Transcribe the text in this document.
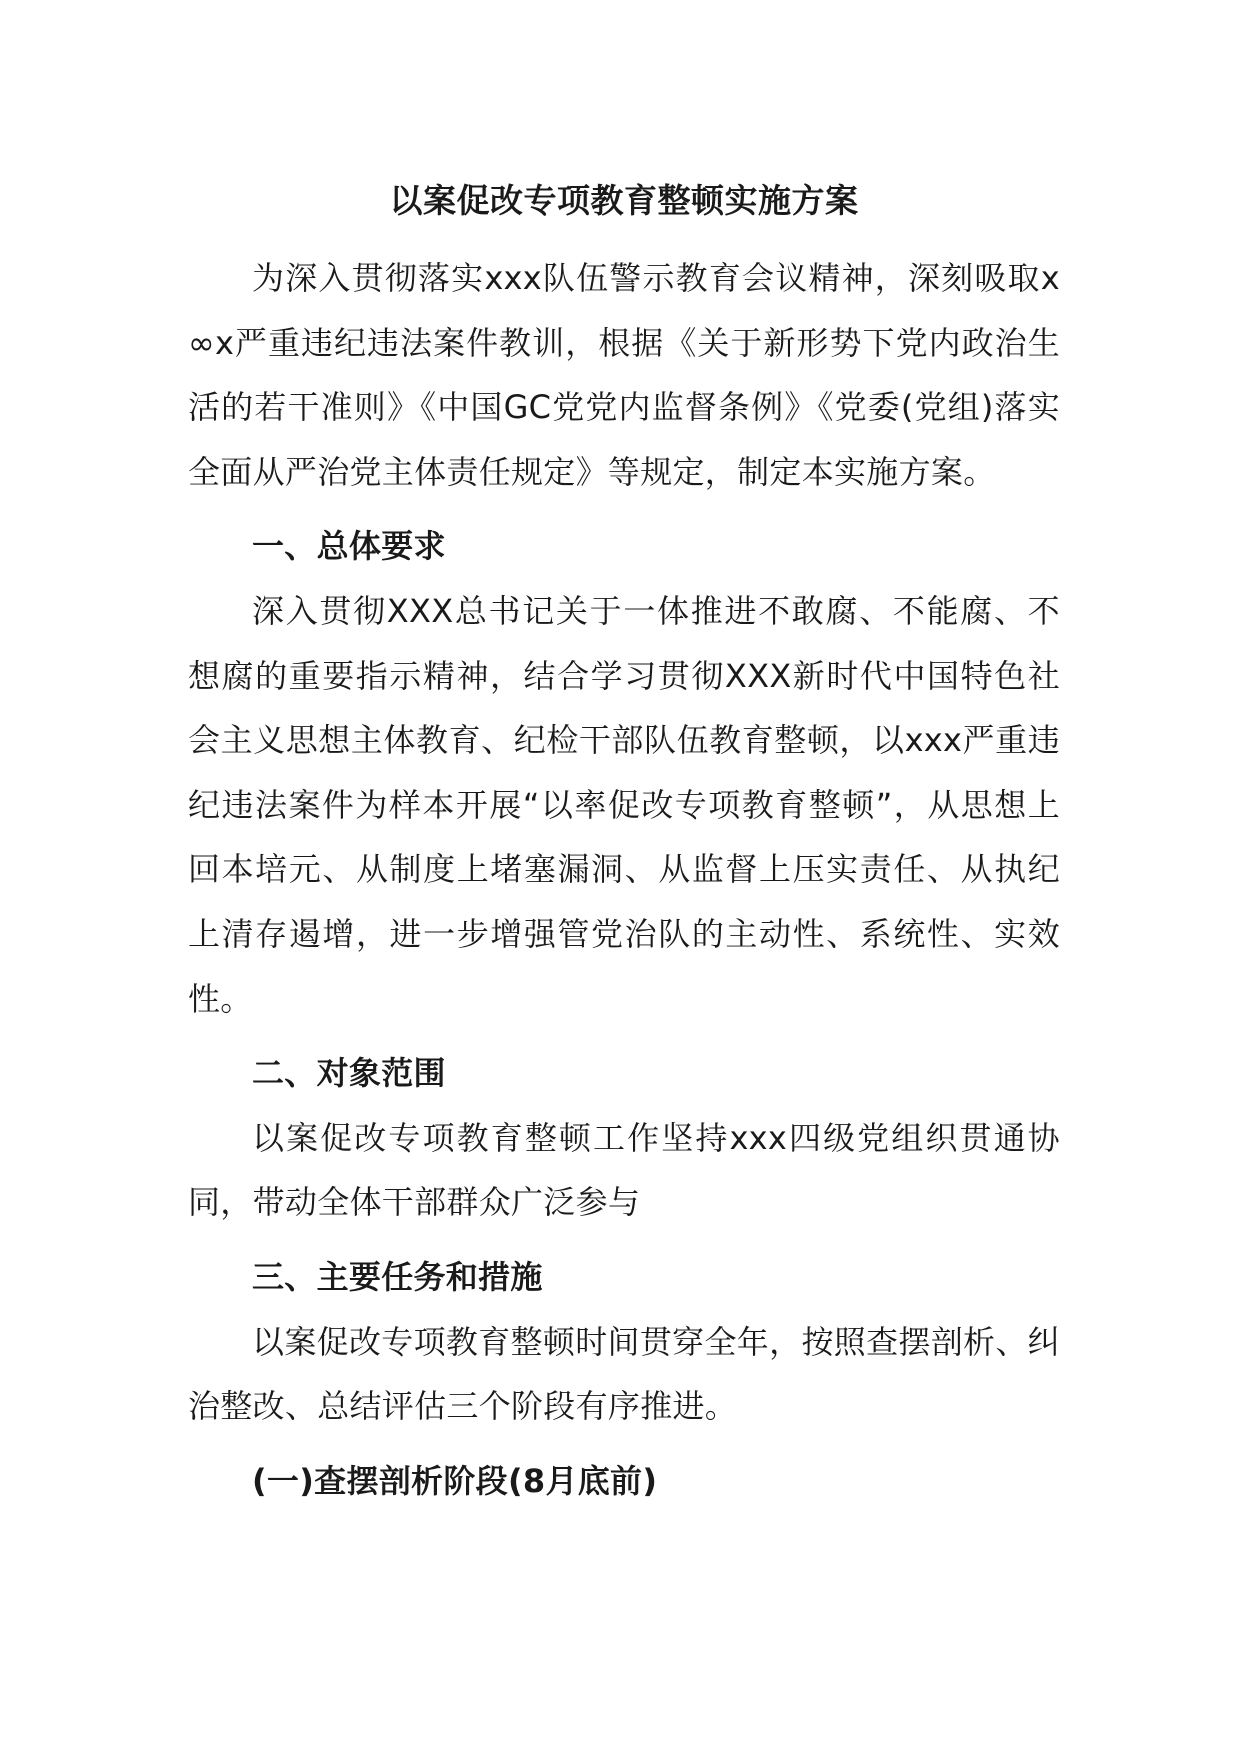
以案促改专项教育整顿实施方案

为深入贯彻落实xxx队伍警示教育会议精神，深刻吸取x∞x严重违纪违法案件教训，根据《关于新形势下党内政治生活的若干准则》《中国GC党党内监督条例》《党委(党组)落实全面从严治党主体责任规定》等规定，制定本实施方案。

一、总体要求

深入贯彻XXX总书记关于一体推进不敢腐、不能腐、不想腐的重要指示精神，结合学习贯彻XXX新时代中国特色社会主义思想主体教育、纪检干部队伍教育整顿，以xxx严重违纪违法案件为样本开展“以率促改专项教育整顿”，从思想上回本培元、从制度上堵塞漏洞、从监督上压实责任、从执纪上清存遏增，进一步增强管党治队的主动性、系统性、实效性。

二、对象范围

以案促改专项教育整顿工作坚持xxx四级党组织贯通协同，带动全体干部群众广泛参与

三、主要任务和措施

以案促改专项教育整顿时间贯穿全年，按照查摆剖析、纠治整改、总结评估三个阶段有序推进。

(一)查摆剖析阶段(8月底前)
